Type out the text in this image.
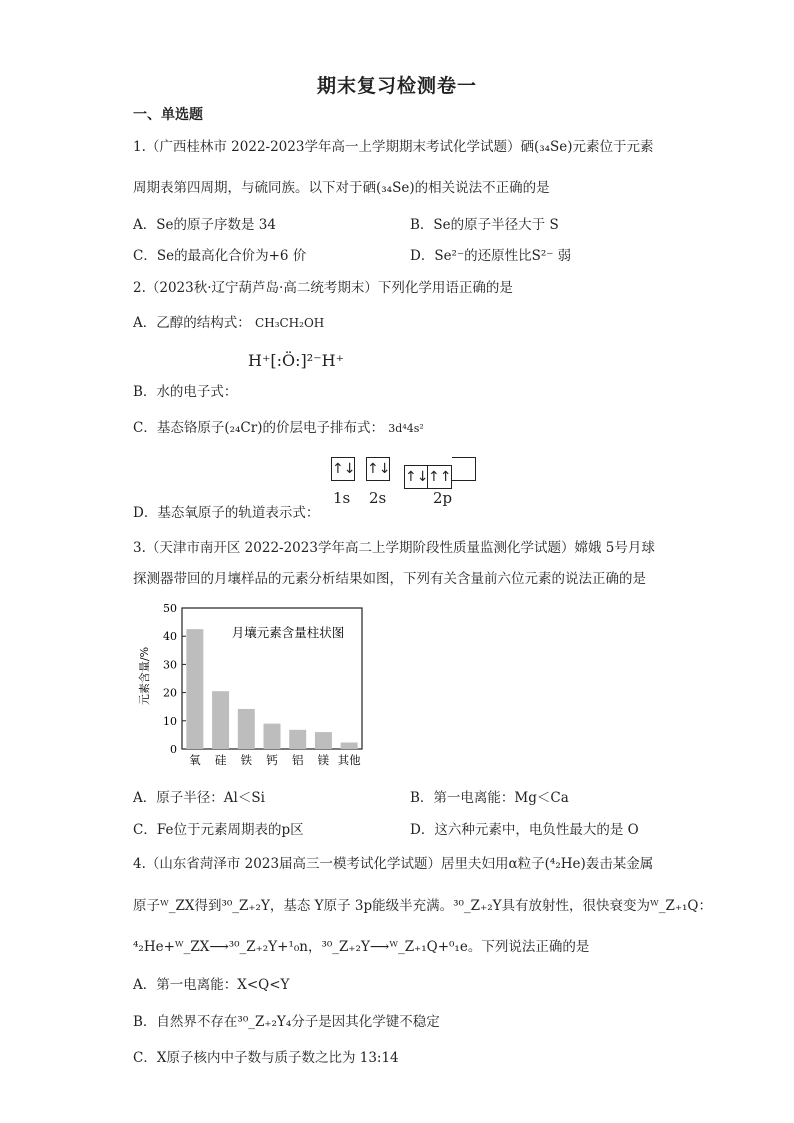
期末复习检测卷一
一、单选题
1.（广西桂林市 2022-2023学年高一上学期期末考试化学试题）硒(₃₄Se)元素位于元素
周期表第四周期，与硫同族。以下对于硒(₃₄Se)的相关说法不正确的是
A．Se的原子序数是 34	B．Se的原子半径大于 S
C．Se的最高化合价为+6 价	D．Se²⁻的还原性比S²⁻ 弱
2.（2023秋·辽宁葫芦岛·高二统考期末）下列化学用语正确的是
A．乙醇的结构式： CH₃CH₂OH
B．水的电子式：
H⁺[:Ö:]²⁻H⁺
C．基态铬原子(₂₄Cr)的价层电子排布式： 3d⁴4s²
↑↓ ↑↓ ↑↓↑↑
1s 2s	2p
D．基态氧原子的轨道表示式：
3.（天津市南开区 2022-2023学年高二上学期阶段性质量监测化学试题）嫦娥 5号月球
探测器带回的月壤样品的元素分析结果如图，下列有关含量前六位元素的说法正确的是
元素含量/%
0
10
20
30
40
50
氧 硅 铁 钙 铝 镁 其他
月壤元素含量柱状图
A．原子半径：Al＜Si	B．第一电离能：Mg＜Ca
C．Fe位于元素周期表的p区	D．这六种元素中，电负性最大的是 O
4.（山东省菏泽市 2023届高三一模考试化学试题）居里夫妇用α粒子(⁴₂He)轰击某金属
原子ᵂ_ZX得到³⁰_Z₊₂Y，基态 Y原子 3p能级半充满。³⁰_Z₊₂Y具有放射性，很快衰变为ᵂ_Z₊₁Q：
⁴₂He+ᵂ_ZX⟶³⁰_Z₊₂Y+¹₀n，³⁰_Z₊₂Y⟶ᵂ_Z₊₁Q+⁰₁e。下列说法正确的是
A．第一电离能：X<Q<Y
B．自然界不存在³⁰_Z₊₂Y₄分子是因其化学键不稳定
C．X原子核内中子数与质子数之比为 13:14
